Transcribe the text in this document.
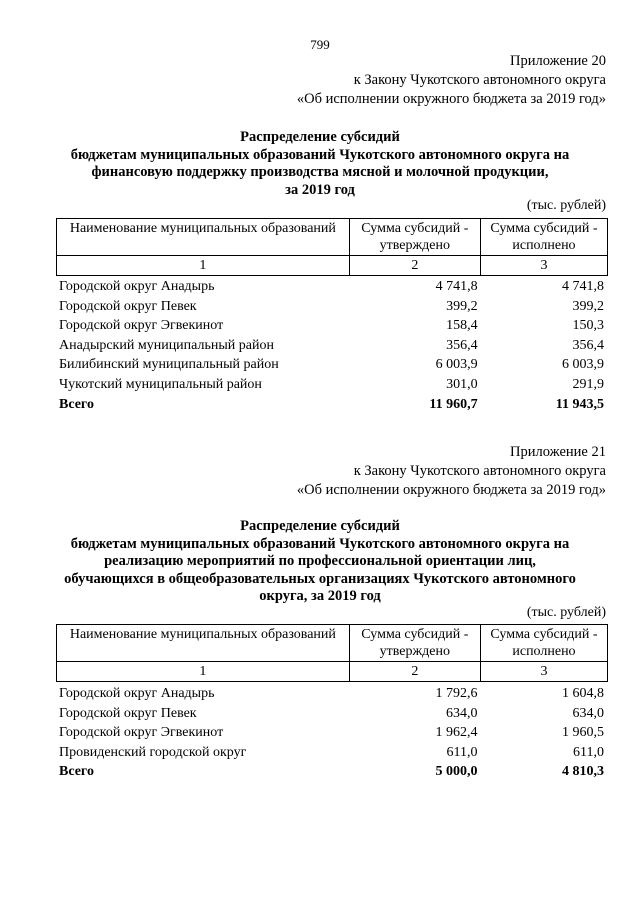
799
Приложение 20
к Закону Чукотского автономного округа
«Об исполнении окружного бюджета за 2019 год»
Распределение субсидий
бюджетам муниципальных образований Чукотского автономного округа на
финансовую поддержку производства мясной и молочной продукции,
за 2019 год
(тыс. рублей)
Наименование муниципальных образований	Сумма субсидий - утверждено	Сумма субсидий - исполнено
1	2	3
Городской округ Анадырь	4 741,8	4 741,8
Городской округ Певек	399,2	399,2
Городской округ Эгвекинот	158,4	150,3
Анадырский муниципальный район	356,4	356,4
Билибинский муниципальный район	6 003,9	6 003,9
Чукотский муниципальный район	301,0	291,9
Всего	11 960,7	11 943,5
Приложение 21
к Закону Чукотского автономного округа
«Об исполнении окружного бюджета за 2019 год»
Распределение субсидий
бюджетам муниципальных образований Чукотского автономного округа на
реализацию мероприятий по профессиональной ориентации лиц,
обучающихся в общеобразовательных организациях Чукотского автономного
округа, за 2019 год
(тыс. рублей)
Наименование муниципальных образований	Сумма субсидий - утверждено	Сумма субсидий - исполнено
1	2	3
Городской округ Анадырь	1 792,6	1 604,8
Городской округ Певек	634,0	634,0
Городской округ Эгвекинот	1 962,4	1 960,5
Провиденский городской округ	611,0	611,0
Всего	5 000,0	4 810,3
